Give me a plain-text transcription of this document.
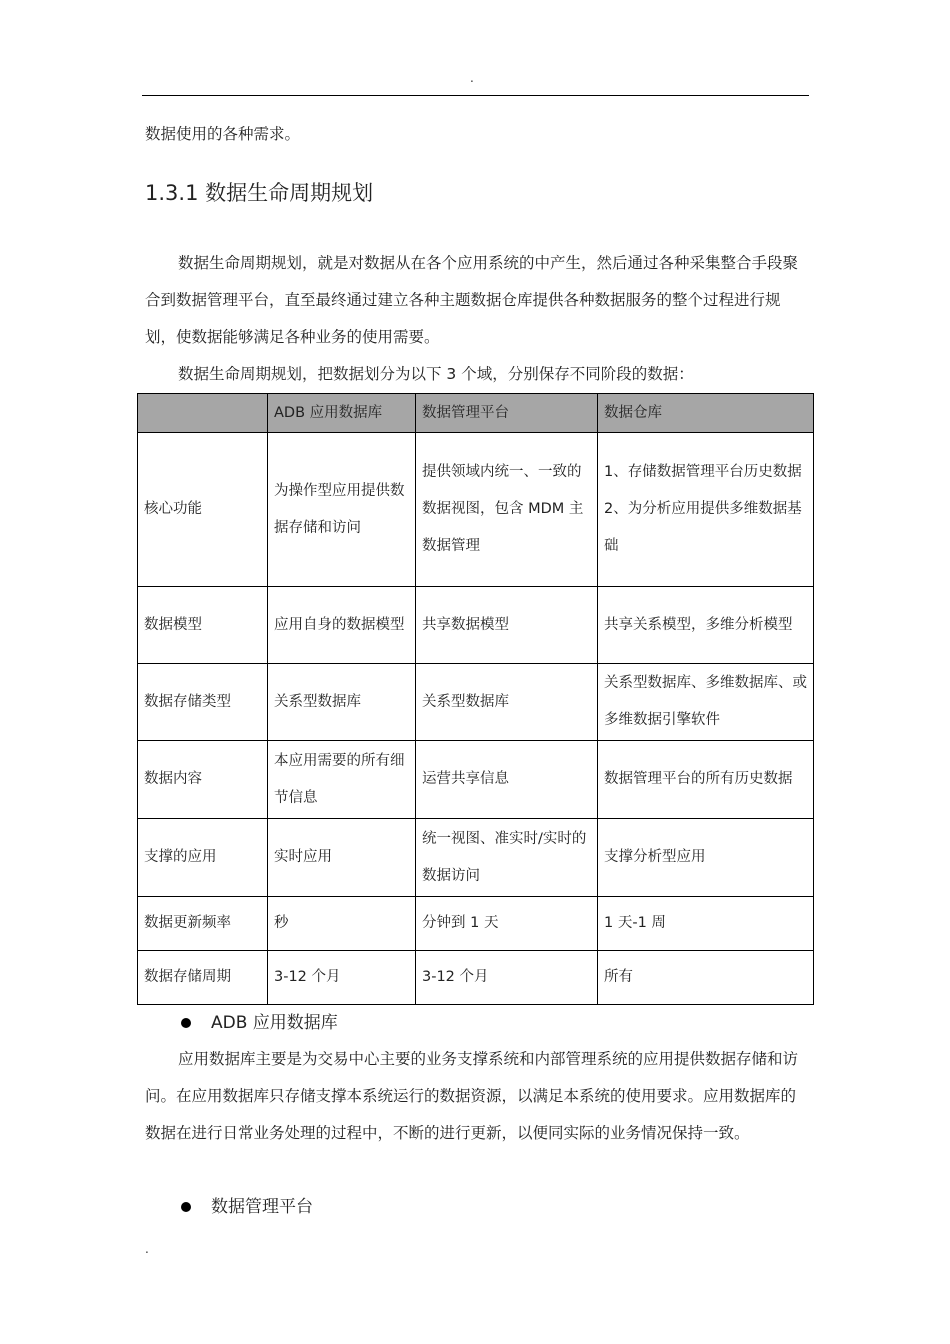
.

数据使用的各种需求。

1.3.1 数据生命周期规划

数据生命周期规划，就是对数据从在各个应用系统的中产生，然后通过各种采集整合手段聚合到数据管理平台，直至最终通过建立各种主题数据仓库提供各种数据服务的整个过程进行规划，使数据能够满足各种业务的使用需要。

数据生命周期规划，把数据划分为以下 3 个域，分别保存不同阶段的数据：

	ADB 应用数据库	数据管理平台	数据仓库
核心功能	为操作型应用提供数据存储和访问	提供领域内统一、一致的数据视图，包含 MDM 主数据管理	1、存储数据管理平台历史数据
2、为分析应用提供多维数据基础

数据模型	应用自身的数据模型	共享数据模型	共享关系模型，多维分析模型
数据存储类型	关系型数据库	关系型数据库	关系型数据库、多维数据库、或多维数据引擎软件
数据内容	本应用需要的所有细节信息	运营共享信息	数据管理平台的所有历史数据
支撑的应用	实时应用	统一视图、准实时/实时的数据访问	支撑分析型应用
数据更新频率	秒	分钟到 1 天	1 天-1 周
数据存储周期	3-12 个月	3-12 个月	所有
ADB 应用数据库

应用数据库主要是为交易中心主要的业务支撑系统和内部管理系统的应用提供数据存储和访问。在应用数据库只存储支撑本系统运行的数据资源，以满足本系统的使用要求。应用数据库的数据在进行日常业务处理的过程中，不断的进行更新，以便同实际的业务情况保持一致。

数据管理平台
.
